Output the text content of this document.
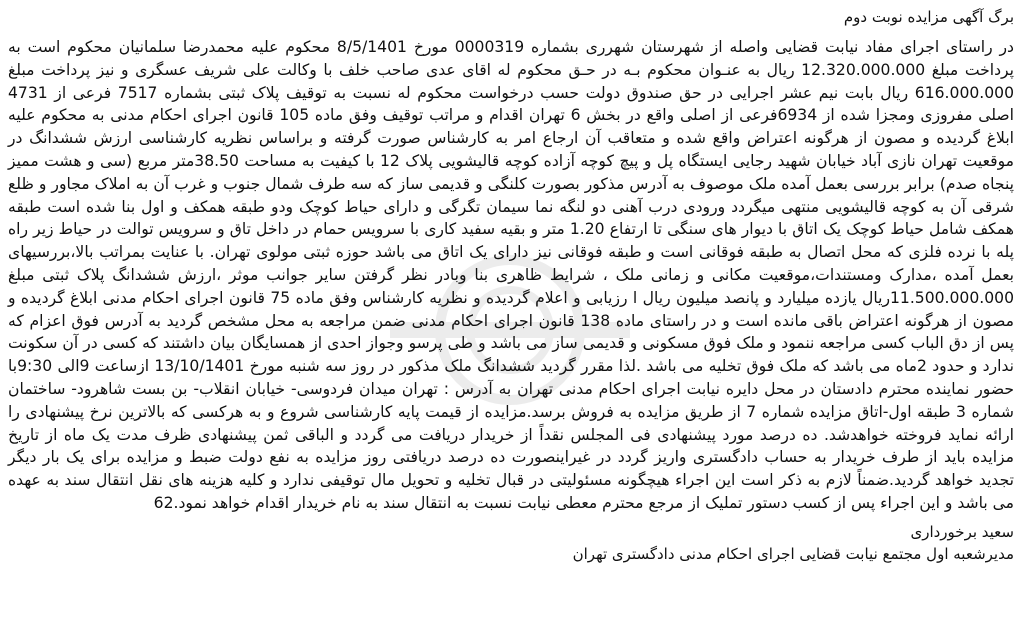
برگ آگهی مزایده نوبت دوم

در راستای اجرای مفاد نیابت قضایی واصله از شهرستان شهرری بشماره 0000319 مورخ 8/5/1401 محکوم علیه محمدرضا سلمانیان محکوم است به پرداخت مبلغ 12.320.000.000 ریال به عنـوان محکوم بـه در حـق محکوم له اقای عدی صاحب خلف با وکالت علی شریف عسگری و نیز پرداخت مبلغ 616.000.000 ریال بابت نیم عشر اجرایی در حق صندوق دولت حسب درخواست محکوم له نسبت به توقیف پلاک ثبتی بشماره 7517 فرعی از 4731 اصلی مفروزی ومجزا شده از 6934فرعی از اصلی واقع در بخش 6 تهران اقدام و مراتب توقیف وفق ماده 105 قانون اجرای احکام مدنی به محکوم علیه ابلاغ گردیده و مصون از هرگونه اعتراض واقع شده و متعاقب آن ارجاع امر به کارشناس صورت گرفته و براساس نظریه کارشناسی ارزش ششدانگ در موقعیت تهران نازی آباد خیابان شهید رجایی ایستگاه پل و پیچ کوچه آزاده کوچه قالیشویی پلاک 12 با کیفیت به مساحت 38.50متر مربع (سی و هشت ممیز پنجاه صدم) برابر بررسی بعمل آمده ملک موصوف به آدرس مذکور بصورت کلنگی و قدیمی ساز که سه طرف شمال جنوب و غرب آن به املاک مجاور و ظلع شرقی آن به کوچه قالیشویی منتهی میگردد ورودی درب آهنی دو لنگه نما سیمان تگرگی و دارای حیاط کوچک ودو طبقه همکف و اول بنا شده است طبقه همکف شامل حیاط کوچک یک اتاق با دیوار های سنگی تا ارتفاع 1.20 متر و بقیه سفید کاری با سرویس حمام در داخل تاق و سرویس توالت در حیاط زیر راه پله با نرده فلزی که محل اتصال به طبقه فوقانی است و طبقه فوقانی نیز دارای یک اتاق می باشد حوزه ثبتی مولوی تهران. با عنایت بمراتب بالا،بررسیهای بعمل آمده ،مدارک ومستندات،موقعیت مکانی و زمانی ملک ، شرایط ظاهری بنا وبادر نظر گرفتن سایر جوانب موثر ،ارزش ششدانگ پلاک ثبتی مبلغ 11.500.000.000ریال یازده میلیارد و پانصد میلیون ریال ا رزیابی و اعلام گردیده و نظریه کارشناس وفق ماده 75 قانون اجرای احکام مدنی ابلاغ گردیده و مصون از هرگونه اعتراض باقی مانده است و در راستای ماده 138 قانون اجرای احکام مدنی ضمن مراجعه به محل مشخص گردید به آدرس فوق اعزام که پس از دق الباب کسی مراجعه ننمود و ملک فوق مسکونی و قدیمی ساز می باشد و طی پرسو وجواز احدی از همسایگان بیان داشتند که کسی در آن سکونت ندارد و حدود 2ماه می باشد که ملک فوق تخلیه می باشد .لذا مقرر گردید ششدانگ ملک مذکور در روز سه شنبه مورخ 13/10/1401 ازساعت 9الی 9:30با حضور نماینده محترم دادستان در محل دایره نیابت اجرای احکام مدنی تهران به آدرس : تهران میدان فردوسی- خیابان انقلاب- بن بست شاهرود- ساختمان شماره 3 طبقه اول-اتاق مزایده شماره 7 از طریق مزایده به فروش برسد.مزایده از قیمت پایه کارشناسی شروع و به هرکسی که بالاترین نرخ پیشنهادی را ارائه نماید فروخته خواهدشد. ده درصد مورد پیشنهادی فی المجلس نقداً از خریدار دریافت می گردد و الباقی ثمن پیشنهادی ظرف مدت یک ماه از تاریخ مزایده باید از طرف خریدار به حساب دادگستری واریز گردد در غیراینصورت ده درصد دریافتی روز مزایده به نفع دولت ضبط و مزایده برای یک بار دیگر تجدید خواهد گردید.ضمناً لازم به ذکر است این اجراء هیچگونه مسئولیتی در قبال تخلیه و تحویل مال توقیفی ندارد و کلیه هزینه های نقل انتقال سند به عهده می باشد و این اجراء پس از کسب دستور تملیک از مرجع محترم معطی نیابت نسبت به انتقال سند به نام خریدار اقدام خواهد نمود.62

سعید برخورداری

مدیرشعبه اول مجتمع نیابت قضایی اجرای احکام مدنی دادگستری تهران
